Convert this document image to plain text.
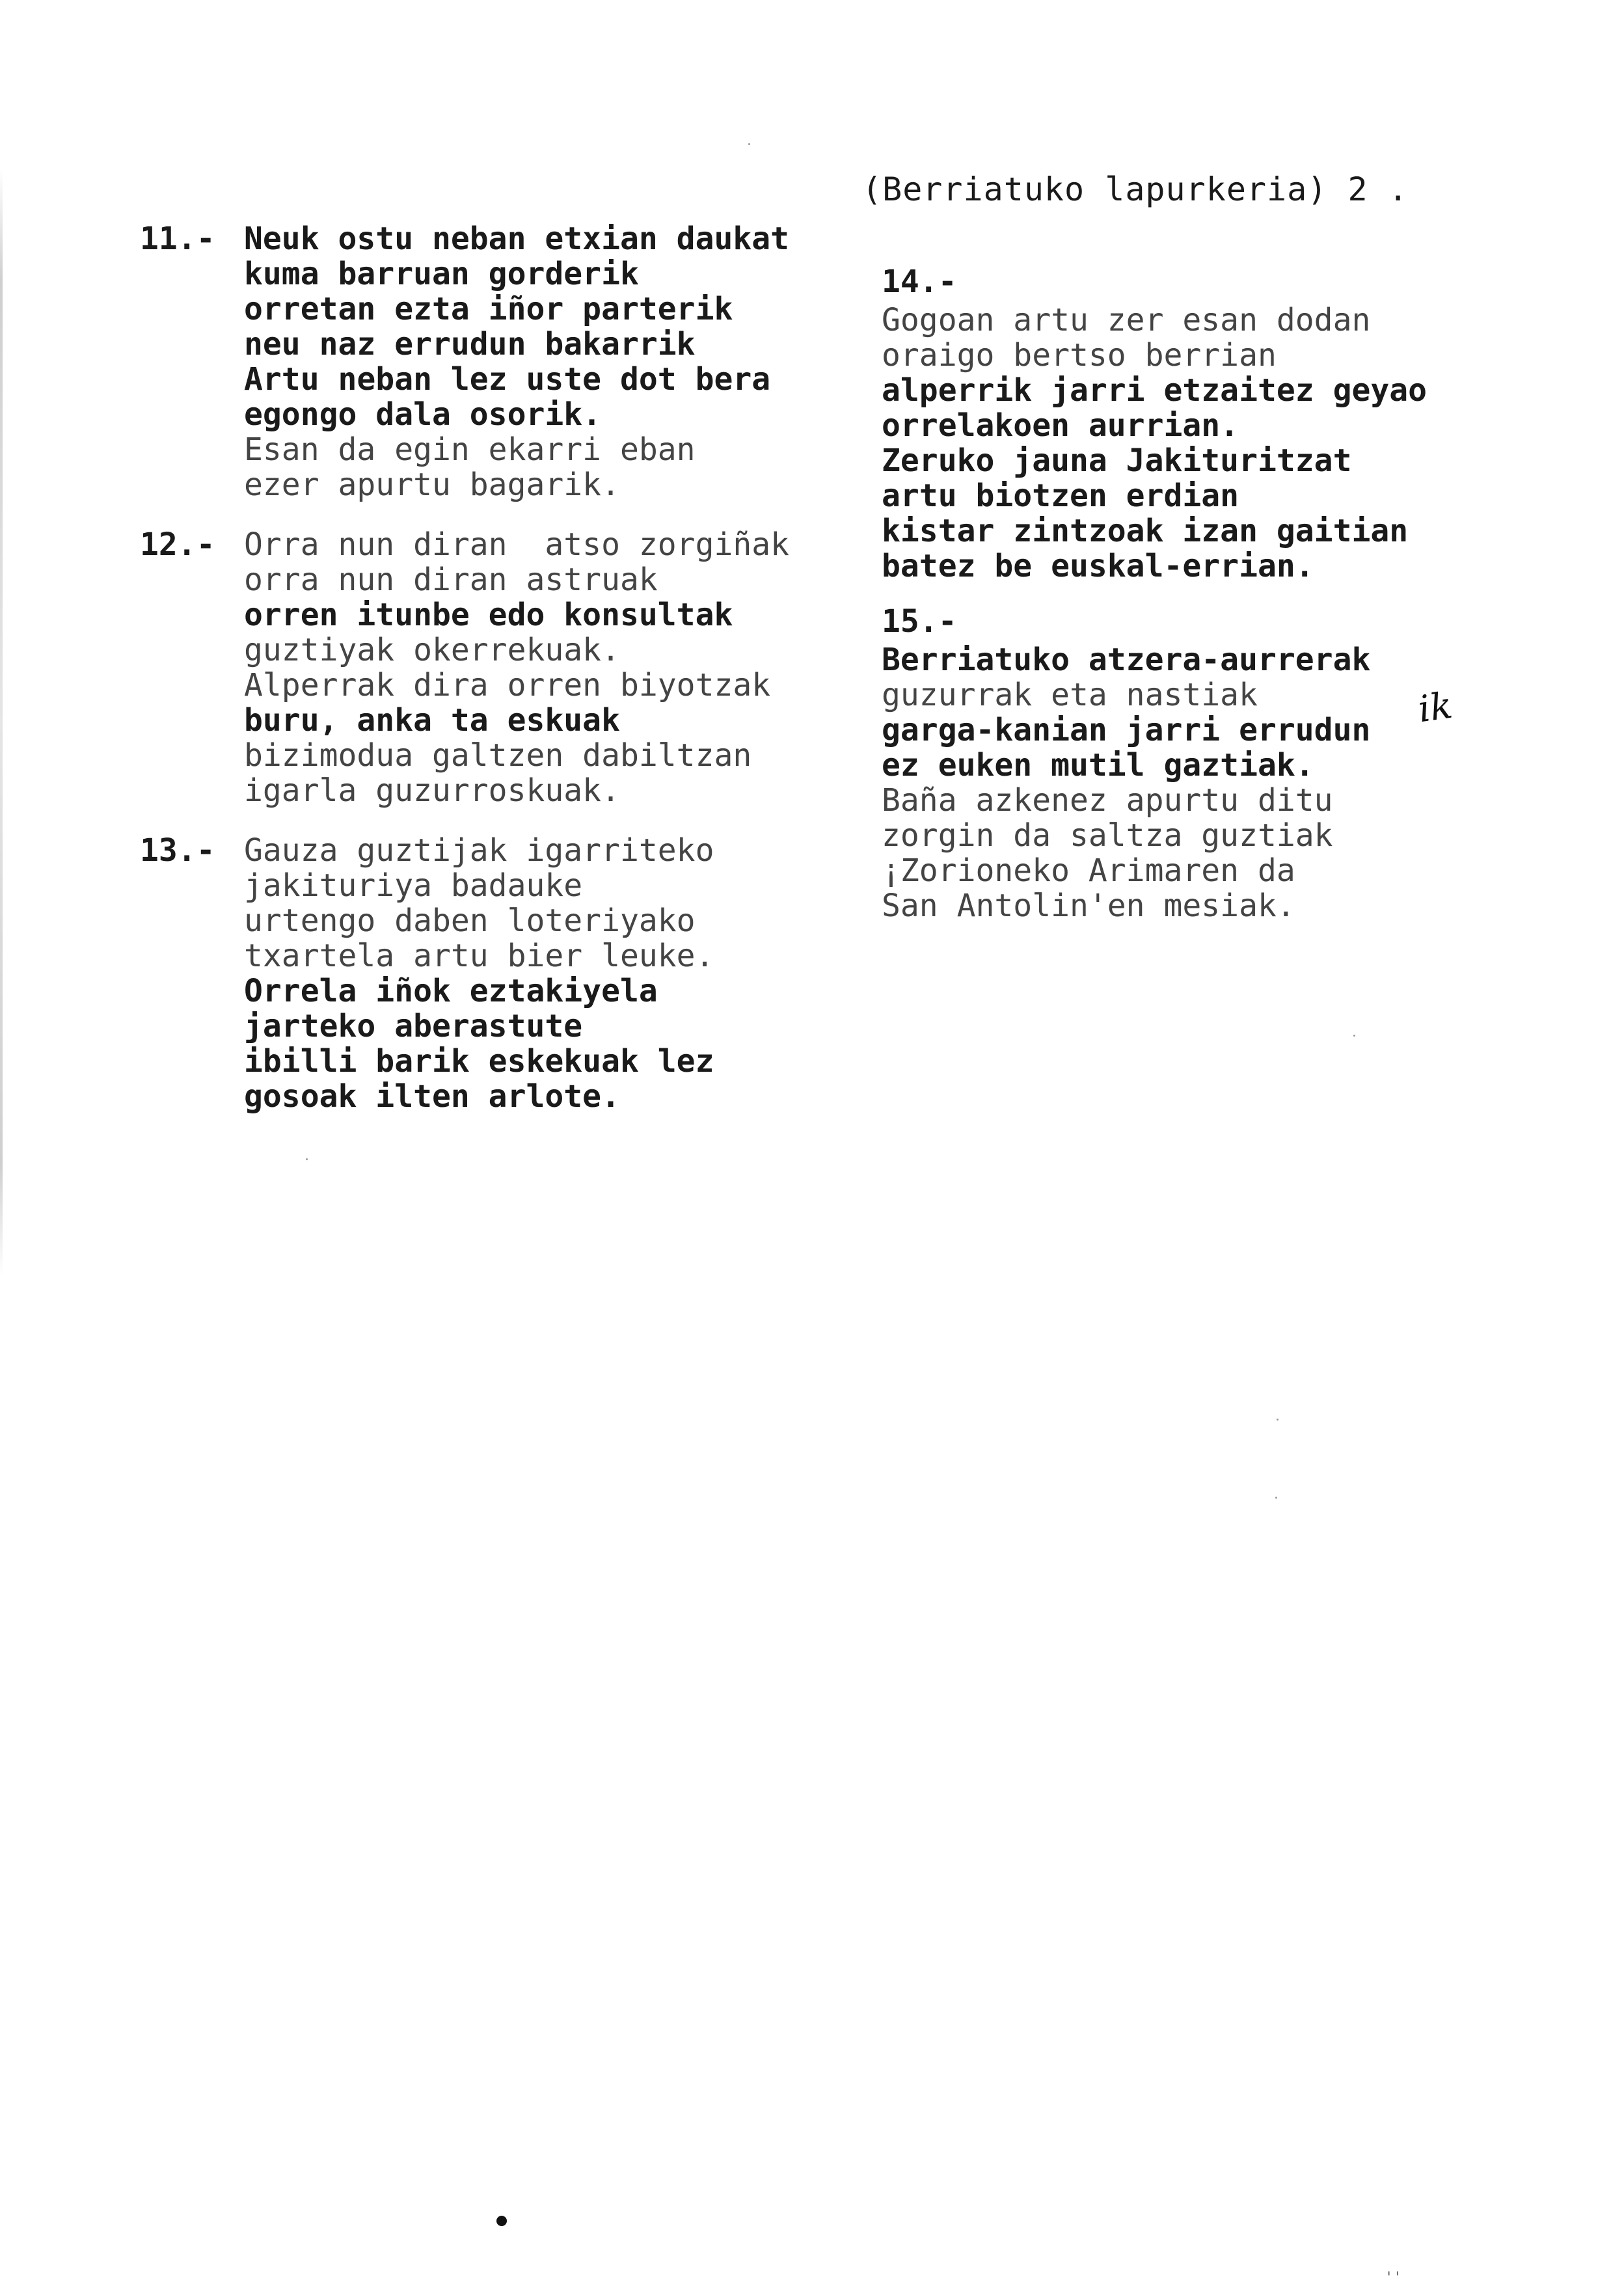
(Berriatuko lapurkeria) 2 .
11.- Neuk ostu neban etxian daukat
kuma barruan gorderik
orretan ezta iñor parterik
neu naz errudun bakarrik
Artu neban lez uste dot bera
egongo dala osorik.
Esan da egin ekarri eban
ezer apurtu bagarik.
12.- Orra nun diran  atso zorgiñak
orra nun diran astruak
orren itunbe edo konsultak
guztiyak okerrekuak.
Alperrak dira orren biyotzak
buru, anka ta eskuak
bizimodua galtzen dabiltzan
igarla guzurroskuak.
13.- Gauza guztijak igarriteko
jakituriya badauke
urtengo daben loteriyako
txartela artu bier leuke.
Orrela iñok eztakiyela
jarteko aberastute
ibilli barik eskekuak lez
gosoak ilten arlote.
14.-
Gogoan artu zer esan dodan
oraigo bertso berrian
alperrik jarri etzaitez geyao
orrelakoen aurrian.
Zeruko jauna Jakituritzat
artu biotzen erdian
kistar zintzoak izan gaitian
batez be euskal-errian.
15.-
Berriatuko atzera-aurrerak
guzurrak eta nastiak
garga-kanian jarri errudun
ez euken mutil gaztiak.
Baña azkenez apurtu ditu
zorgin da saltza guztiak
¡Zorioneko Arimaren da
San Antolin'en mesiak.
ik
''
